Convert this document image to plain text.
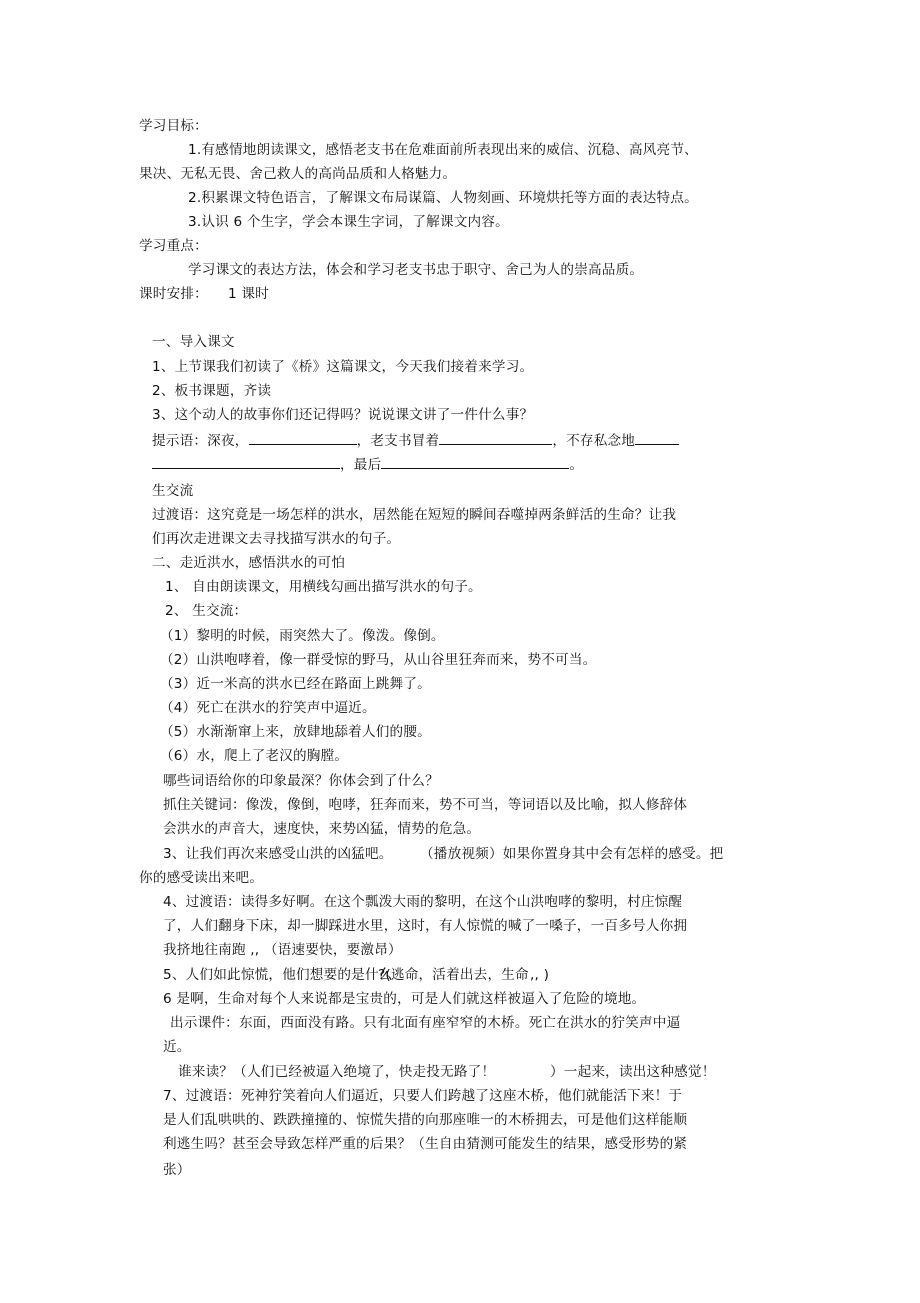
学习目标：
1.有感情地朗读课文，感悟老支书在危难面前所表现出来的威信、沉稳、高风亮节、
果决、无私无畏、舍己救人的高尚品质和人格魅力。
2.积累课文特色语言，了解课文布局谋篇、人物刻画、环境烘托等方面的表达特点。
3.认识 6 个生字，学会本课生字词，了解课文内容。
学习重点：
学习课文的表达方法，体会和学习老支书忠于职守、舍己为人的崇高品质。
课时安排： 1 课时
一、导入课文
1、上节课我们初读了《桥》这篇课文，今天我们接着来学习。
2、板书课题，齐读
3、这个动人的故事你们还记得吗？说说课文讲了一件什么事？
提示语：深夜，	，老支书冒着	，不存私念地
，最后	。
生交流
过渡语：这究竟是一场怎样的洪水，居然能在短短的瞬间吞噬掉两条鲜活的生命？让我
们再次走进课文去寻找描写洪水的句子。
二、走近洪水，感悟洪水的可怕
1、 自由朗读课文，用横线勾画出描写洪水的句子。
2、 生交流：
（1）黎明的时候，雨突然大了。像泼。像倒。
（2）山洪咆哮着，像一群受惊的野马，从山谷里狂奔而来，势不可当。
（3）近一米高的洪水已经在路面上跳舞了。
（4）死亡在洪水的狞笑声中逼近。
（5）水渐渐窜上来，放肆地舔着人们的腰。
（6）水，爬上了老汉的胸膛。
哪些词语给你的印象最深？你体会到了什么？
抓住关键词：像泼，像倒，咆哮，狂奔而来，势不可当，等词语以及比喻，拟人修辞体
会洪水的声音大，速度快，来势凶猛，情势的危急。
3、让我们再次来感受山洪的凶猛吧。 （播放视频）如果你置身其中会有怎样的感受。把
你的感受读出来吧。
4、过渡语：读得多好啊。在这个瓢泼大雨的黎明，在这个山洪咆哮的黎明，村庄惊醒
了，人们翻身下床，却一脚踩进水里，这时，有人惊慌的喊了一嗓子，一百多号人你拥
我挤地往南跑 ,, （语速要快，要激昂）
5、人们如此惊慌，他们想要的是什么
?(逃命，活着出去，生命 ,, )
6 是啊，生命对每个人来说都是宝贵的，可是人们就这样被逼入了危险的境地。
出示课件：东面，西面没有路。只有北面有座窄窄的木桥。死亡在洪水的狞笑声中逼
近。
谁来读？（人们已经被逼入绝境了，快走投无路了！	）一起来，读出这种感觉！
7、过渡语：死神狞笑着向人们逼近，只要人们跨越了这座木桥，他们就能活下来！于
是人们乱哄哄的、跌跌撞撞的、惊慌失措的向那座唯一的木桥拥去，可是他们这样能顺
利逃生吗？甚至会导致怎样严重的后果？（生自由猜测可能发生的结果，感受形势的紧
张）
